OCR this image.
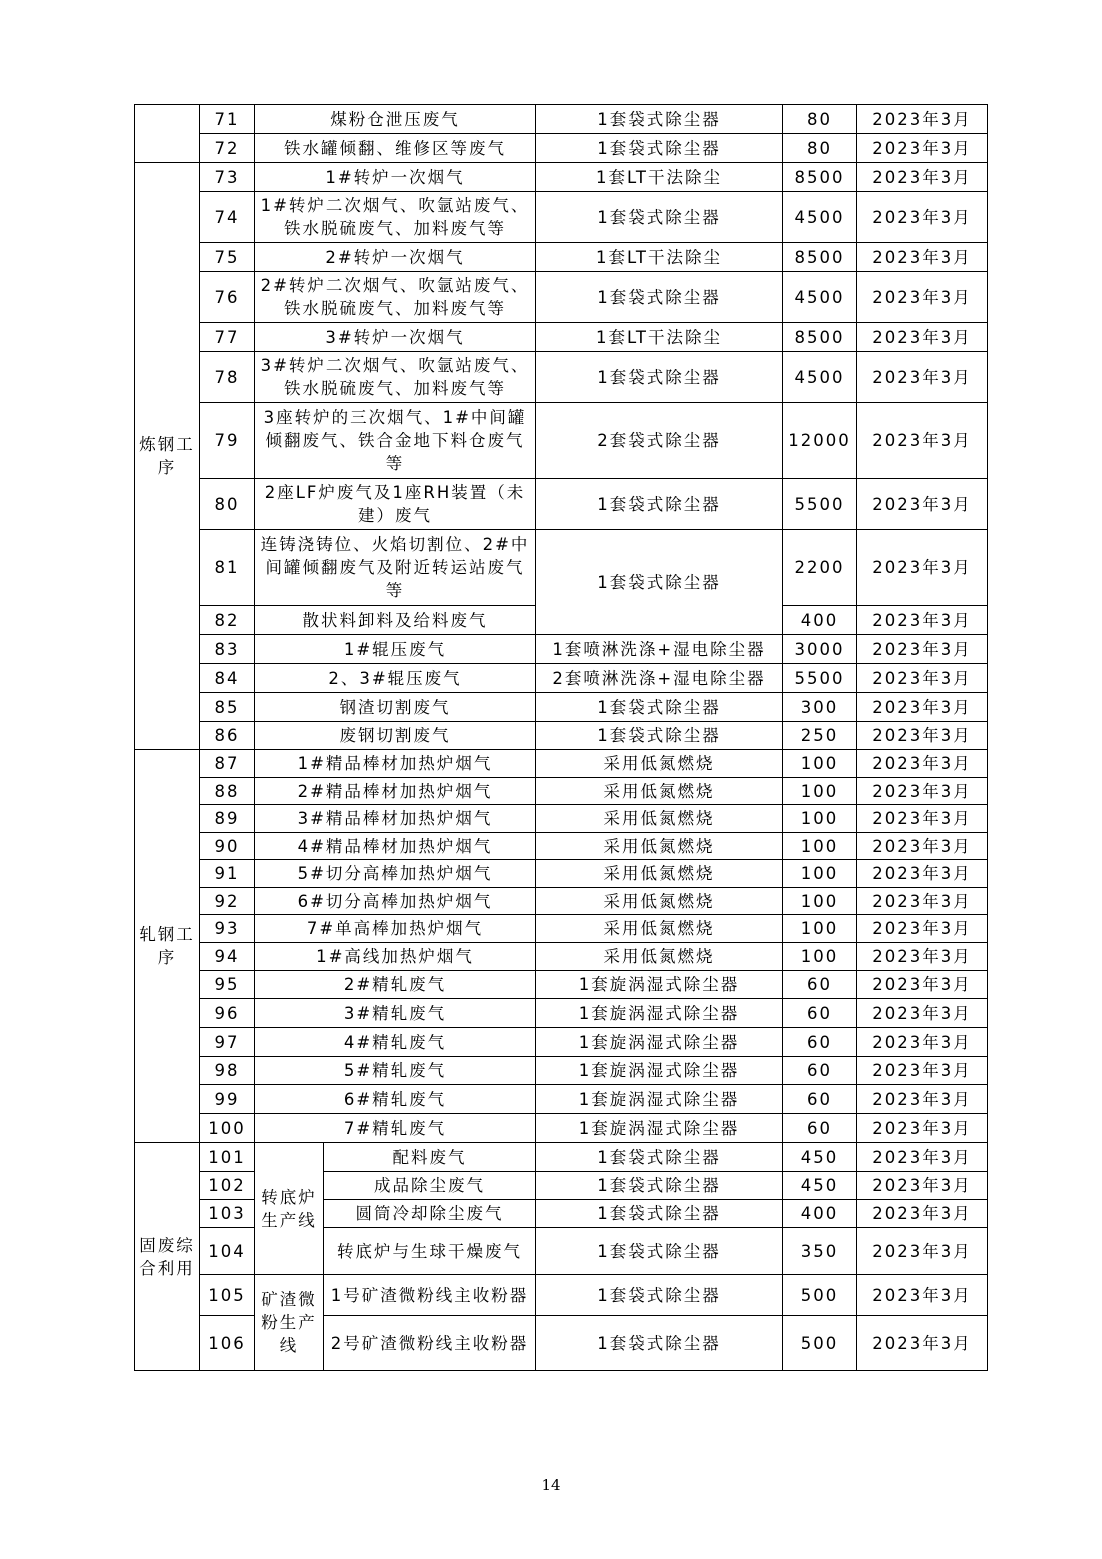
	71	煤粉仓泄压废气		1套袋式除尘器	80	2023年3月
	72	铁水罐倾翻、维修区等废气		1套袋式除尘器	80	2023年3月
炼钢工序	73	1#转炉一次烟气		1套LT干法除尘	8500	2023年3月
	74	1#转炉二次烟气、吹氩站废气、铁水脱硫废气、加料废气等		1套袋式除尘器	4500	2023年3月
	75	2#转炉一次烟气		1套LT干法除尘	8500	2023年3月
	76	2#转炉二次烟气、吹氩站废气、铁水脱硫废气、加料废气等		1套袋式除尘器	4500	2023年3月
	77	3#转炉一次烟气		1套LT干法除尘	8500	2023年3月
	78	3#转炉二次烟气、吹氩站废气、铁水脱硫废气、加料废气等		1套袋式除尘器	4500	2023年3月
	79	3座转炉的三次烟气、1#中间罐倾翻废气、铁合金地下料仓废气等		2套袋式除尘器	12000	2023年3月
	80	2座LF炉废气及1座RH装置（未建）废气		1套袋式除尘器	5500	2023年3月
	81	连铸浇铸位、火焰切割位、2#中间罐倾翻废气及附近转运站废气等		1套袋式除尘器	2200	2023年3月
	82	散状料卸料及给料废气			400	2023年3月
	83	1#辊压废气		1套喷淋洗涤+湿电除尘器	3000	2023年3月
	84	2、3#辊压废气		2套喷淋洗涤+湿电除尘器	5500	2023年3月
	85	钢渣切割废气		1套袋式除尘器	300	2023年3月
	86	废钢切割废气		1套袋式除尘器	250	2023年3月
轧钢工序	87	1#精品棒材加热炉烟气		采用低氮燃烧	100	2023年3月
	88	2#精品棒材加热炉烟气		采用低氮燃烧	100	2023年3月
	89	3#精品棒材加热炉烟气		采用低氮燃烧	100	2023年3月
	90	4#精品棒材加热炉烟气		采用低氮燃烧	100	2023年3月
	91	5#切分高棒加热炉烟气		采用低氮燃烧	100	2023年3月
	92	6#切分高棒加热炉烟气		采用低氮燃烧	100	2023年3月
	93	7#单高棒加热炉烟气		采用低氮燃烧	100	2023年3月
	94	1#高线加热炉烟气		采用低氮燃烧	100	2023年3月
	95	2#精轧废气		1套旋涡湿式除尘器	60	2023年3月
	96	3#精轧废气		1套旋涡湿式除尘器	60	2023年3月
	97	4#精轧废气		1套旋涡湿式除尘器	60	2023年3月
	98	5#精轧废气		1套旋涡湿式除尘器	60	2023年3月
	99	6#精轧废气		1套旋涡湿式除尘器	60	2023年3月
	100	7#精轧废气		1套旋涡湿式除尘器	60	2023年3月
固废综合利用	101	转底炉生产线	配料废气	1套袋式除尘器	450	2023年3月
	102		成品除尘废气	1套袋式除尘器	450	2023年3月
	103		圆筒冷却除尘废气	1套袋式除尘器	400	2023年3月
	104		转底炉与生球干燥废气	1套袋式除尘器	350	2023年3月
	105	矿渣微粉生产线	1号矿渣微粉线主收粉器	1套袋式除尘器	500	2023年3月
	106		2号矿渣微粉线主收粉器	1套袋式除尘器	500	2023年3月
14
